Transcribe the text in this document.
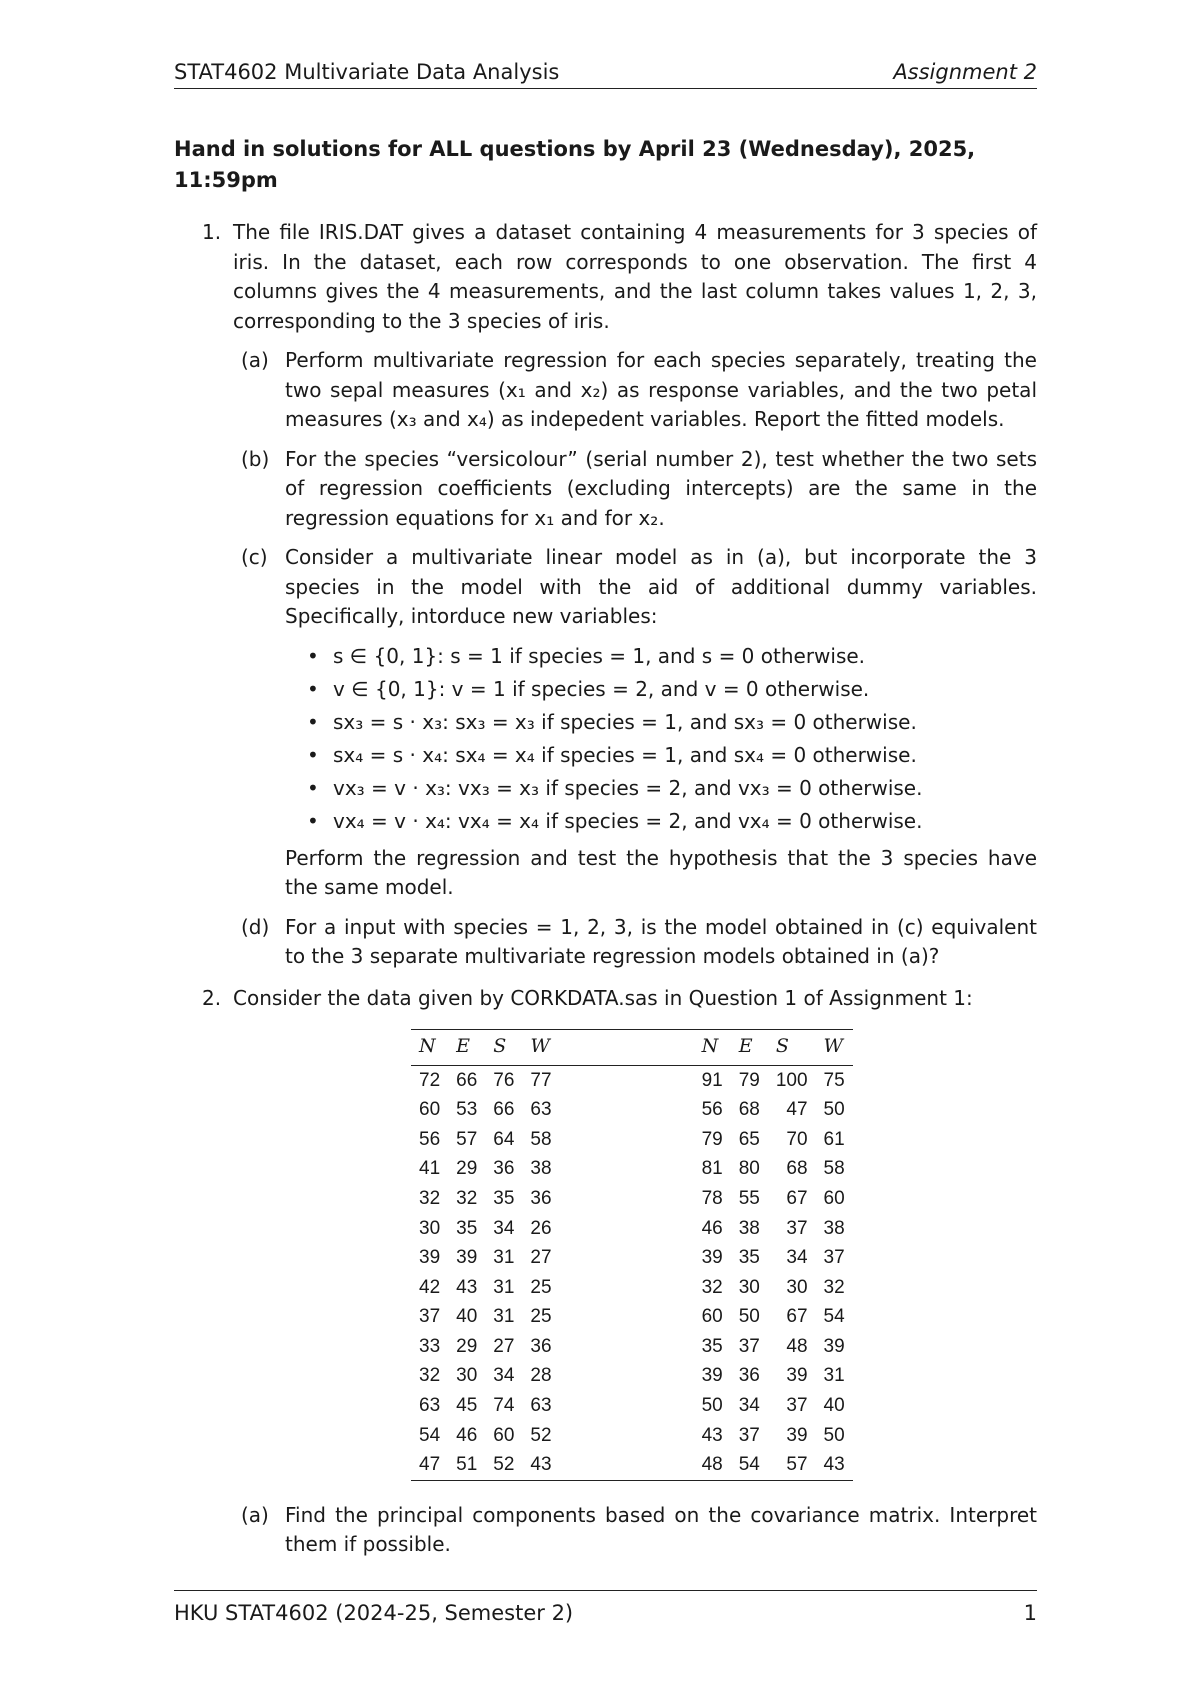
STAT4602 Multivariate Data Analysis	Assignment 2

Hand in solutions for ALL questions by April 23 (Wednesday), 2025, 11:59pm

1. The file IRIS.DAT gives a dataset containing 4 measurements for 3 species of iris. In the dataset, each row corresponds to one observation. The first 4 columns gives the 4 measurements, and the last column takes values 1, 2, 3, corresponding to the 3 species of iris.
(a) Perform multivariate regression for each species separately, treating the two sepal measures (x₁ and x₂) as response variables, and the two petal measures (x₃ and x₄) as indepedent variables. Report the fitted models.
(b) For the species “versicolour” (serial number 2), test whether the two sets of regression coefficients (excluding intercepts) are the same in the regression equations for x₁ and for x₂.
(c) Consider a multivariate linear model as in (a), but incorporate the 3 species in the model with the aid of additional dummy variables. Specifically, intorduce new variables:
• s ∈ {0, 1}: s = 1 if species = 1, and s = 0 otherwise.
• v ∈ {0, 1}: v = 1 if species = 2, and v = 0 otherwise.
• sx₃ = s · x₃: sx₃ = x₃ if species = 1, and sx₃ = 0 otherwise.
• sx₄ = s · x₄: sx₄ = x₄ if species = 1, and sx₄ = 0 otherwise.
• vx₃ = v · x₃: vx₃ = x₃ if species = 2, and vx₃ = 0 otherwise.
• vx₄ = v · x₄: vx₄ = x₄ if species = 2, and vx₄ = 0 otherwise.
Perform the regression and test the hypothesis that the 3 species have the same model.
(d) For a input with species = 1, 2, 3, is the model obtained in (c) equivalent to the 3 separate multivariate regression models obtained in (a)?
2. Consider the data given by CORKDATA.sas in Question 1 of Assignment 1:
N	E	S	W		N	E	S	W
72	66	76	77		91	79	100	75
60	53	66	63		56	68	47	50
56	57	64	58		79	65	70	61
41	29	36	38		81	80	68	58
32	32	35	36		78	55	67	60
30	35	34	26		46	38	37	38
39	39	31	27		39	35	34	37
42	43	31	25		32	30	30	32
37	40	31	25		60	50	67	54
33	29	27	36		35	37	48	39
32	30	34	28		39	36	39	31
63	45	74	63		50	34	37	40
54	46	60	52		43	37	39	50
47	51	52	43		48	54	57	43
(a) Find the principal components based on the covariance matrix. Interpret them if possible.
HKU STAT4602 (2024-25, Semester 2)	1
